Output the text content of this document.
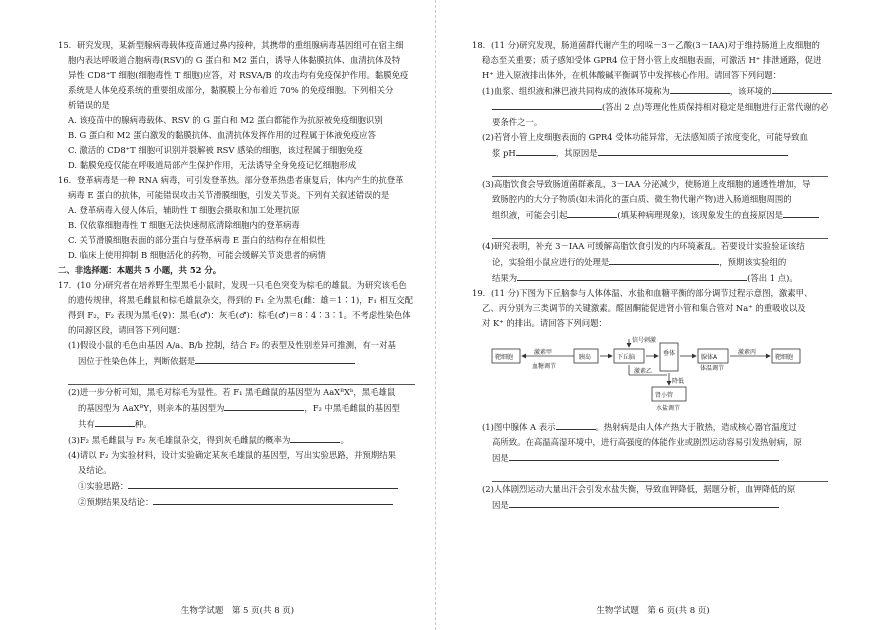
15．研究发现，某新型腺病毒载体疫苗通过鼻内接种，其携带的重组腺病毒基因组可在宿主细

胞内表达呼吸道合胞病毒(RSV)的 G 蛋白和 M2 蛋白，诱导人体黏膜抗体、血清抗体及特

异性 CD8⁺T 细胞(细胞毒性 T 细胞)应答，对 RSVA/B 的攻击均有免疫保护作用。黏膜免疫

系统是人体免疫系统的重要组成部分，黏膜膜上分布着近 70% 的免疫细胞。下列相关分

析错误的是

A. 该疫苗中的腺病毒载体、RSV 的 G 蛋白和 M2 蛋白都能作为抗原被免疫细胞识别

B. G 蛋白和 M2 蛋白激发的黏膜抗体、血清抗体发挥作用的过程属于体液免疫应答

C. 激活的 CD8⁺T 细胞可识别并裂解被 RSV 感染的细胞，该过程属于细胞免疫

D. 黏膜免疫仅能在呼吸道局部产生保护作用，无法诱导全身免疫记忆细胞形成

16．登革病毒是一种 RNA 病毒，可引发登革热。部分登革热患者康复后，体内产生的抗登革

病毒 E 蛋白的抗体，可能错误攻击关节滑膜细胞，引发关节炎。下列有关叙述错误的是

A. 登革病毒入侵人体后，辅助性 T 细胞会摄取和加工处理抗原

B. 仅依靠细胞毒性 T 细胞无法快速彻底清除细胞内的登革病毒

C. 关节滑膜细胞表面的部分蛋白与登革病毒 E 蛋白的结构存在相似性

D. 临床上使用抑制 B 细胞活化的药物，可能会缓解关节炎患者的病情

二、非选择题：本题共 5 小题，共 52 分。

17．(10 分)研究者在培养野生型黑毛小鼠时，发现一只毛色突变为棕毛的雄鼠。为研究该毛色

的遗传规律，将黑毛雌鼠和棕毛雄鼠杂交，得到的 F₁ 全为黑毛(雌：雄＝1∶1)，F₁ 相互交配

得到 F₂，F₂ 表现为黑毛(♀)：黑毛(♂)：灰毛(♂)：棕毛(♂)＝8∶4∶3∶1。不考虑性染色体

的同源区段，请回答下列问题：

(1)假设小鼠的毛色由基因 A/a、B/b 控制，结合 F₂ 的表型及性别差异可推测，有一对基

因位于性染色体上，判断依据是

(2)进一步分析可知，黑毛对棕毛为显性。若 F₁ 黑毛雌鼠的基因型为 AaXᴮXᵇ，黑毛雄鼠

的基因型为 AaXᴮY，则亲本的基因型为	，F₂ 中黑毛雌鼠的基因型

共有	种。

(3)F₂ 黑毛雌鼠与 F₂ 灰毛雄鼠杂交，得到灰毛雌鼠的概率为	。

(4)请以 F₂ 为实验材料，设计实验确定某灰毛雄鼠的基因型，写出实验思路，并预期结果

及结论。

①实验思路：

②预期结果及结论：

生物学试题　第 5 页(共 8 页)

18．(11 分)研究发现，肠道菌群代谢产生的吲哚－3－乙酸(3－IAA)对于维持肠道上皮细胞的

稳态至关重要；质子感知受体 GPR4 位于肾小管上皮细胞表面，可激活 H⁺ 排泄通路，促进

H⁺ 进入原液排出体外，在机体酸碱平衡调节中发挥核心作用。请回答下列问题：

(1)血浆、组织液和淋巴液共同构成的液体环境称为	，该环境的

(答出 2 点)等理化性质保持相对稳定是细胞进行正常代谢的必

要条件之一。

(2)若肾小管上皮细胞表面的 GPR4 受体功能异常，无法感知质子浓度变化，可能导致血

浆 pH	，其原因是

(3)高脂饮食会导致肠道菌群紊乱，3－IAA 分泌减少，使肠道上皮细胞的通透性增加，导

致肠腔内的大分子物质(如未消化的蛋白质、微生物代谢产物)进入肠道细胞周围的

组织液，可能会引起	(填某种病理现象)，该现象发生的直接原因是

(4)研究表明，补充 3－IAA 可缓解高脂饮食引发的内环境紊乱。若要设计实验验证该结

论，实验组小鼠应进行的处理是	，预期该实验组的

结果为	(答出 1 点)。

19．(11 分)下图为下丘脑参与人体体温、水盐和血糖平衡的部分调节过程示意图，激素甲、

乙、丙分别为三类调节的关键激素。醛固酮能促进肾小管和集合管对 Na⁺ 的重吸收以及

对 K⁺ 的排出。请回答下列问题：

靶细胞
激素甲
血糖调节
胰岛	下丘脑
信号刺激
激素乙
垂体
腺体A
体温调节
激素丙
靶细胞
降低
肾小管
水盐调节

(1)图中腺体 A 表示	。热射病是由人体产热大于散热，造成核心器官温度过

高所致。在高温高湿环境中，进行高强度的体能作业或剧烈运动容易引发热射病，原

因是

(2)人体剧烈运动大量出汗会引发水盐失衡，导致血钾降低，据题分析，血钾降低的原

因是

生物学试题　第 6 页(共 8 页)
